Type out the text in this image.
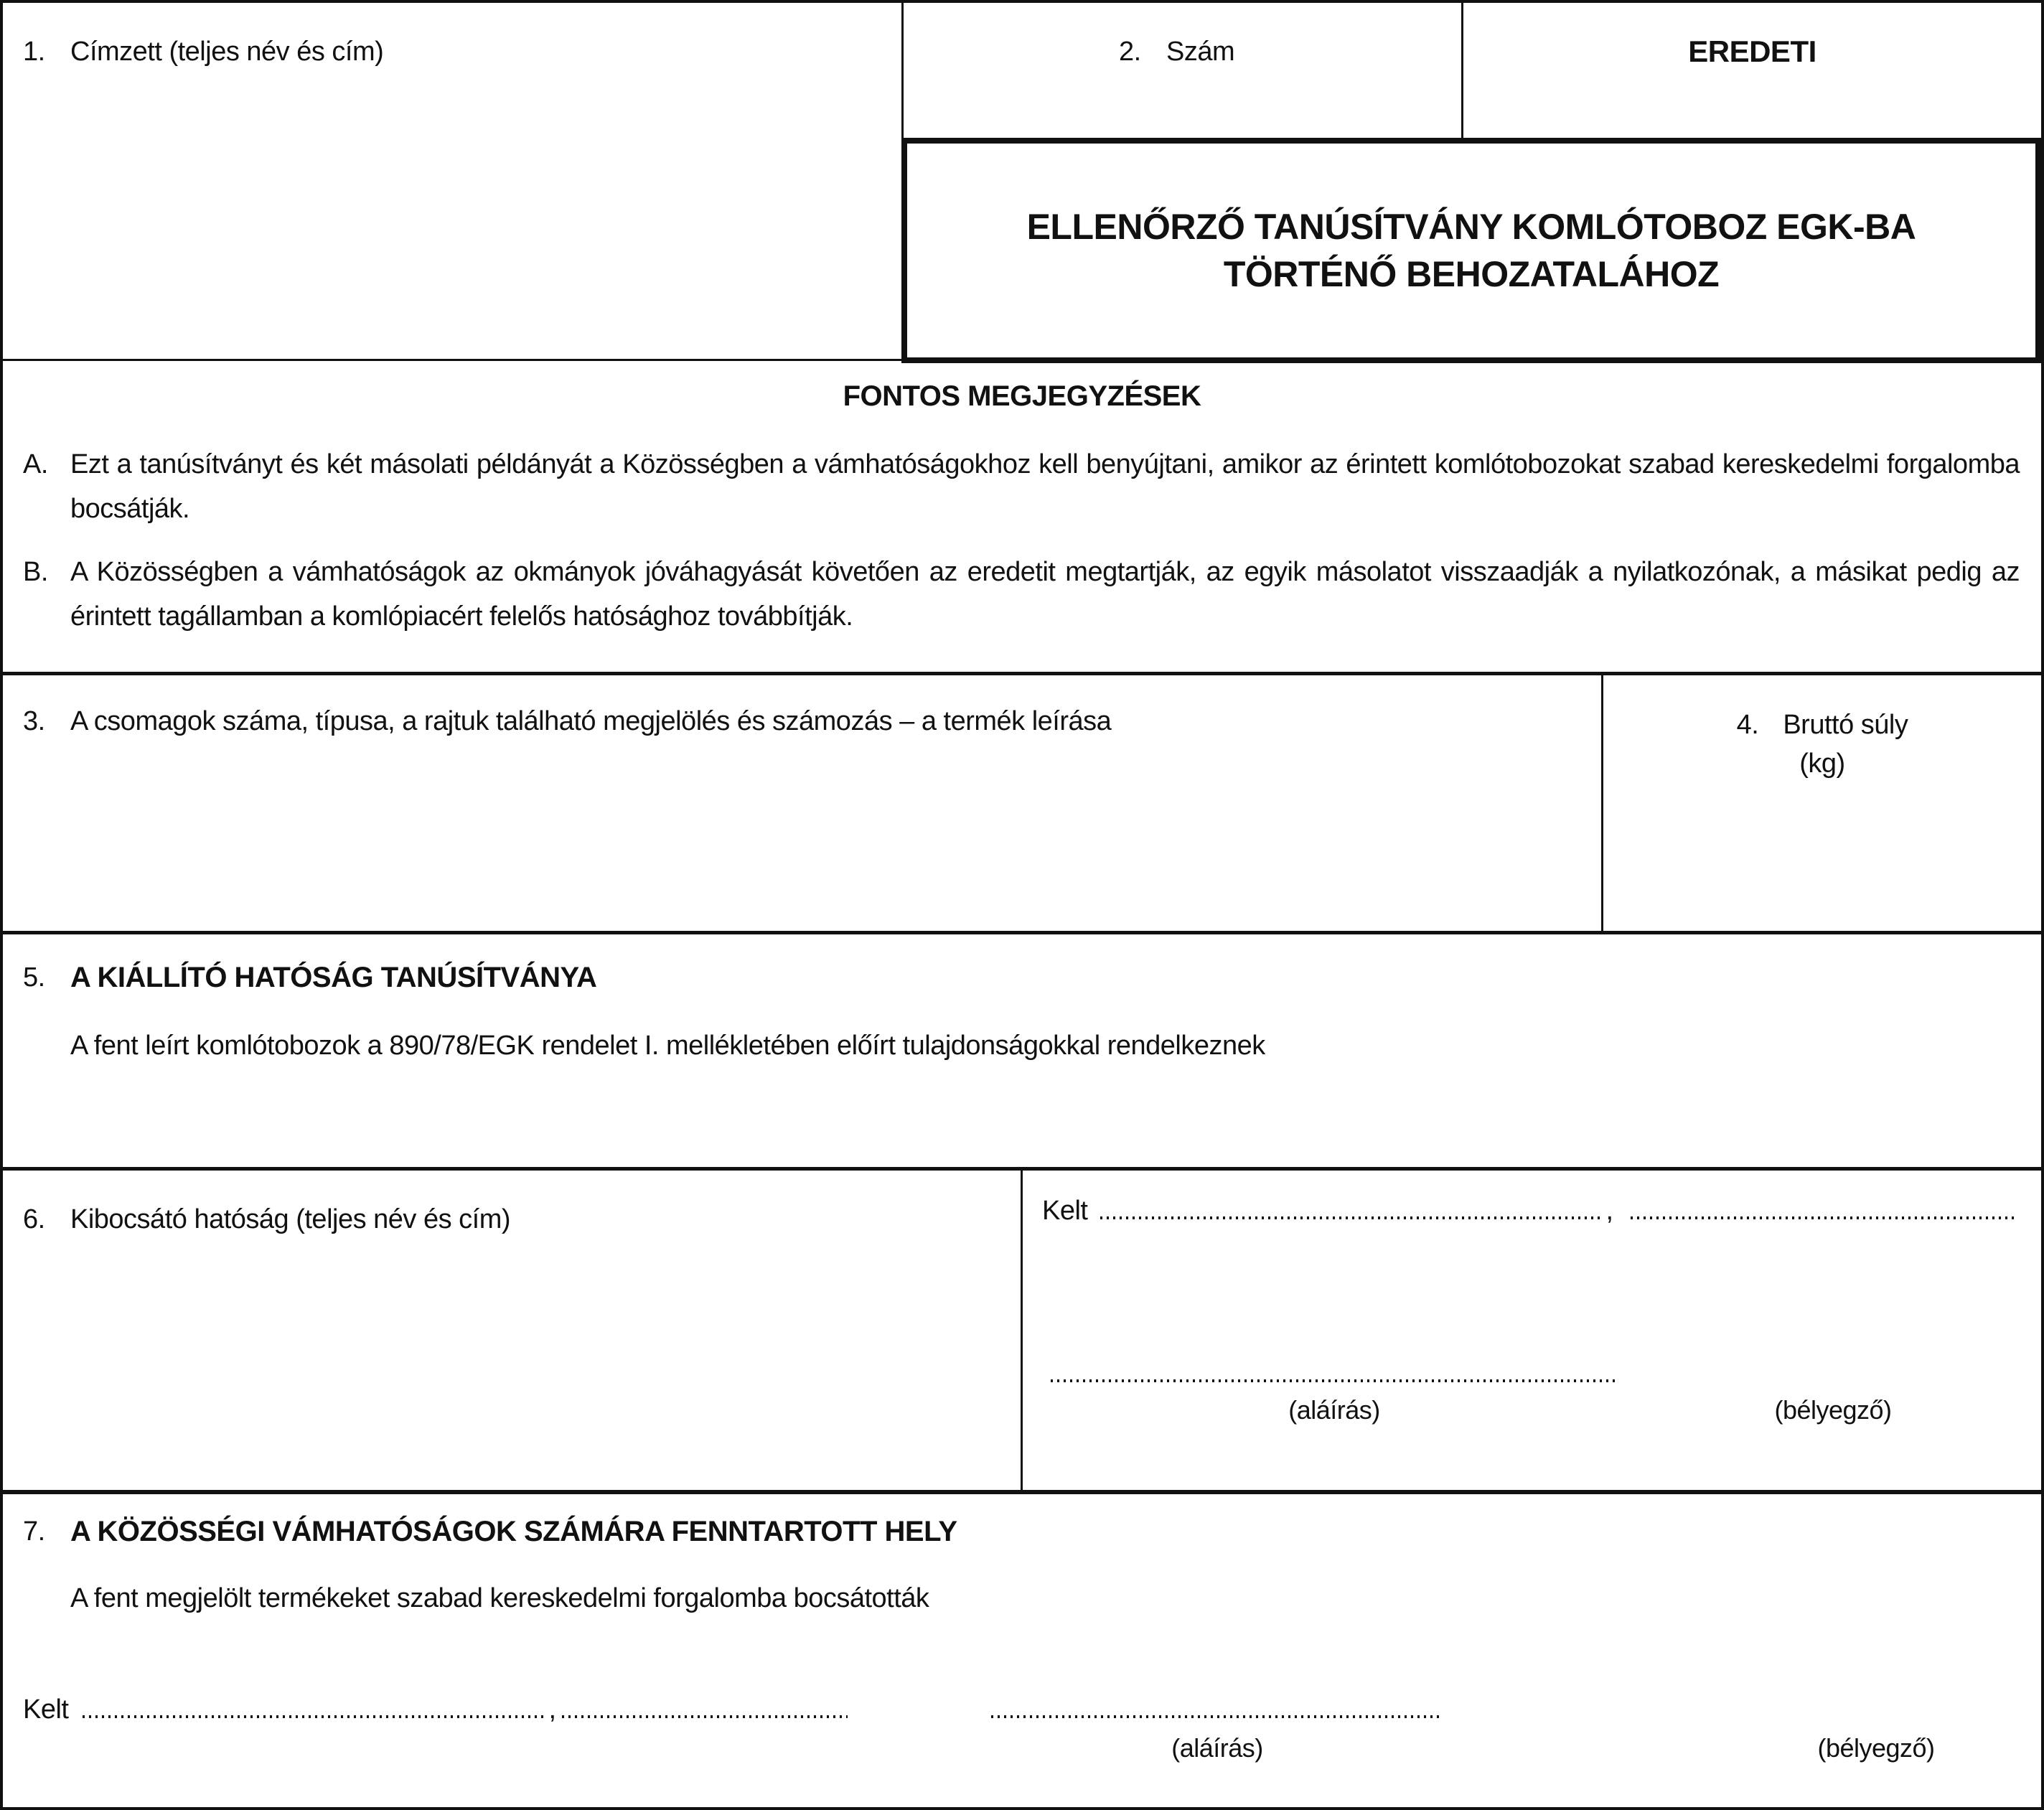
1. Címzett (teljes név és cím)	2. Szám	EREDETI
ELLENŐRZŐ TANÚSÍTVÁNY KOMLÓTOBOZ EGK-BA TÖRTÉNŐ BEHOZATALÁHOZ
FONTOS MEGJEGYZÉSEK
A. Ezt a tanúsítványt és két másolati példányát a Közösségben a vámhatóságokhoz kell benyújtani, amikor az érintett komlótobozokat szabad kereskedelmi forgalomba bocsátják.
B. A Közösségben a vámhatóságok az okmányok jóváhagyását követően az eredetit megtartják, az egyik másolatot visszaadják a nyilatkozónak, a másikat pedig az érintett tagállamban a komlópiacért felelős hatósághoz továbbítják.
3. A csomagok száma, típusa, a rajtuk található megjelölés és számozás – a termék leírása	4. Bruttó súly
(kg)
5. A KIÁLLÍTÓ HATÓSÁG TANÚSÍTVÁNYA
A fent leírt komlótobozok a 890/78/EGK rendelet I. mellékletében előírt tulajdonságokkal rendelkeznek
6. Kibocsátó hatóság (teljes név és cím)	Kelt	,
(aláírás)	(bélyegző)
7. A KÖZÖSSÉGI VÁMHATÓSÁGOK SZÁMÁRA FENNTARTOTT HELY
A fent megjelölt termékeket szabad kereskedelmi forgalomba bocsátották
Kelt	,
(aláírás)	(bélyegző)
